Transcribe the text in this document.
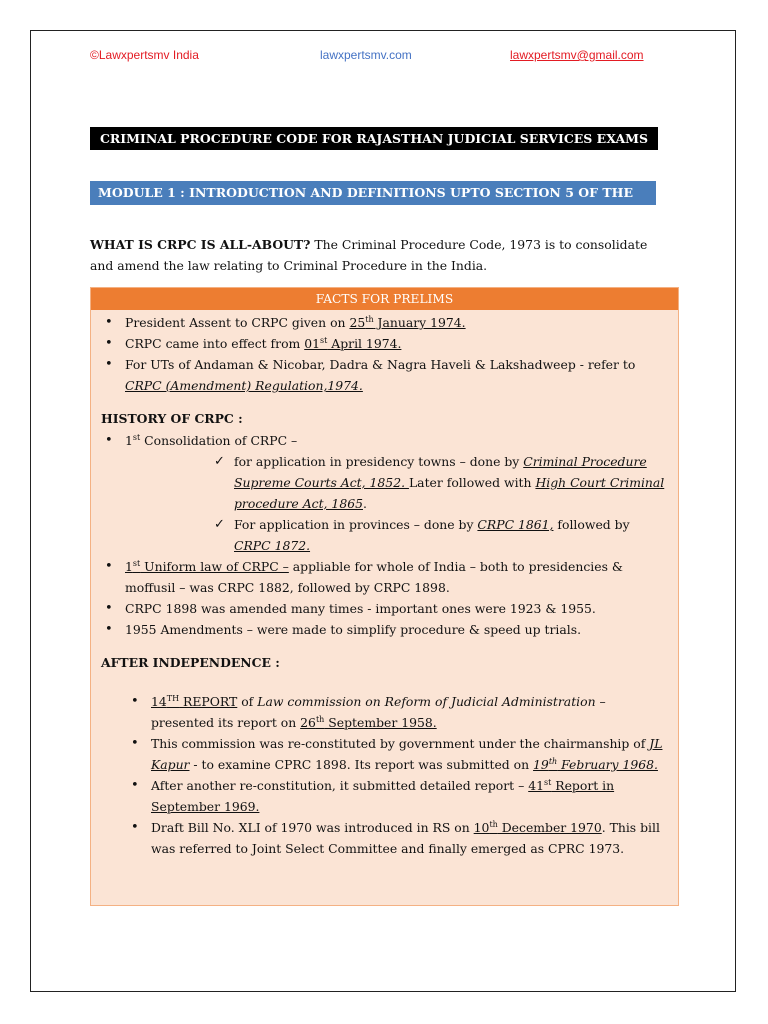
©Lawxpertsmv India	lawxpertsmv.com	lawxpertsmv@gmail.com
CRIMINAL PROCEDURE CODE FOR RAJASTHAN JUDICIAL SERVICES EXAMS
MODULE 1 : INTRODUCTION AND DEFINITIONS UPTO SECTION 5 OF THE CRPC
WHAT IS CRPC IS ALL-ABOUT? The Criminal Procedure Code, 1973 is to consolidate and amend the law relating to Criminal Procedure in the India.
FACTS FOR PRELIMS
• President Assent to CRPC given on 25th January 1974.
• CRPC came into effect from 01st April 1974.
• For UTs of Andaman & Nicobar, Dadra & Nagra Haveli & Lakshadweep - refer to CRPC (Amendment) Regulation,1974.
HISTORY OF CRPC :
• 1st Consolidation of CRPC –
✓ for application in presidency towns – done by Criminal Procedure Supreme Courts Act, 1852. Later followed with High Court Criminal procedure Act, 1865.
✓ For application in provinces – done by CRPC 1861, followed by CRPC 1872.
• 1st Uniform law of CRPC – appliable for whole of India – both to presidencies & moffusil – was CRPC 1882, followed by CRPC 1898.
• CRPC 1898 was amended many times - important ones were 1923 & 1955.
• 1955 Amendments – were made to simplify procedure & speed up trials.
AFTER INDEPENDENCE :
• 14TH REPORT of Law commission on Reform of Judicial Administration – presented its report on 26th September 1958.
• This commission was re-constituted by government under the chairmanship of JL Kapur - to examine CPRC 1898. Its report was submitted on 19th February 1968.
• After another re-constitution, it submitted detailed report – 41st Report in September 1969.
• Draft Bill No. XLI of 1970 was introduced in RS on 10th December 1970. This bill was referred to Joint Select Committee and finally emerged as CPRC 1973.
